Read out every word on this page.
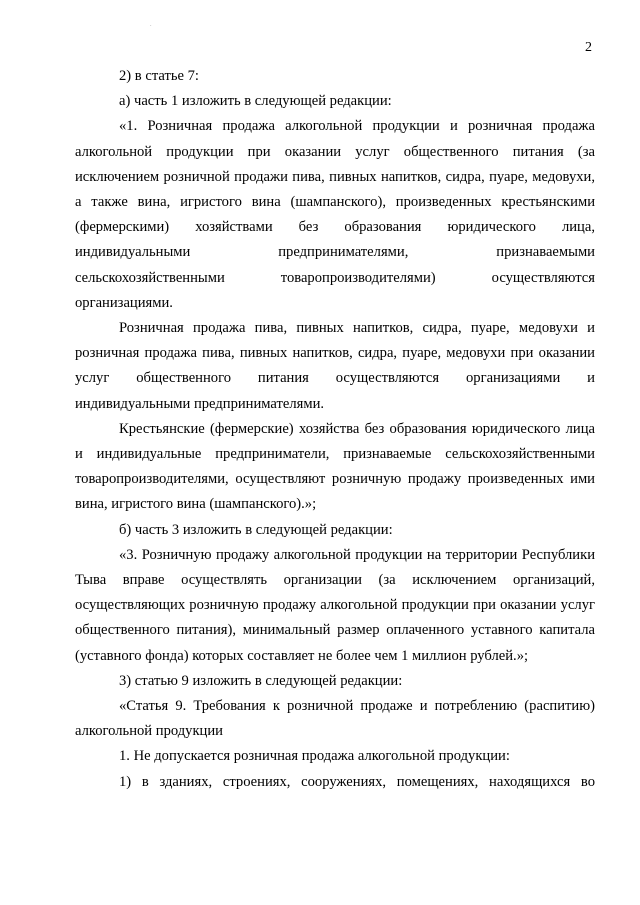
·
2

2) в статье 7:

а) часть 1 изложить в следующей редакции:

«1. Розничная продажа алкогольной продукции и розничная продажа алкогольной продукции при оказании услуг общественного питания (за исключением розничной продажи пива, пивных напитков, сидра, пуаре, медовухи, а также вина, игристого вина (шампанского), произведенных крестьянскими (фермерскими) хозяйствами без образования юридического лица,

индивидуальными предпринимателями, признаваемыми

сельскохозяйственными товаропроизводителями) осуществляются

организациями.

Розничная продажа пива, пивных напитков, сидра, пуаре, медовухи и розничная продажа пива, пивных напитков, сидра, пуаре, медовухи при оказании услуг общественного питания осуществляются организациями и индивидуальными предпринимателями.

Крестьянские (фермерские) хозяйства без образования юридического лица

и индивидуальные предприниматели, признаваемые сельскохозяйственными товаропроизводителями, осуществляют розничную продажу произведенных ими вина, игристого вина (шампанского).»;

б) часть 3 изложить в следующей редакции:

«3. Розничную продажу алкогольной продукции на территории Республики Тыва вправе осуществлять организации (за исключением организаций, осуществляющих розничную продажу алкогольной продукции при оказании услуг общественного питания), минимальный размер оплаченного уставного капитала (уставного фонда) которых составляет не более чем 1 миллион рублей.»;

3) статью 9 изложить в следующей редакции:

«Статья 9. Требования к розничной продаже и потреблению (распитию) алкогольной продукции

1. Не допускается розничная продажа алкогольной продукции:

1) в зданиях, строениях, сооружениях, помещениях, находящихся во
